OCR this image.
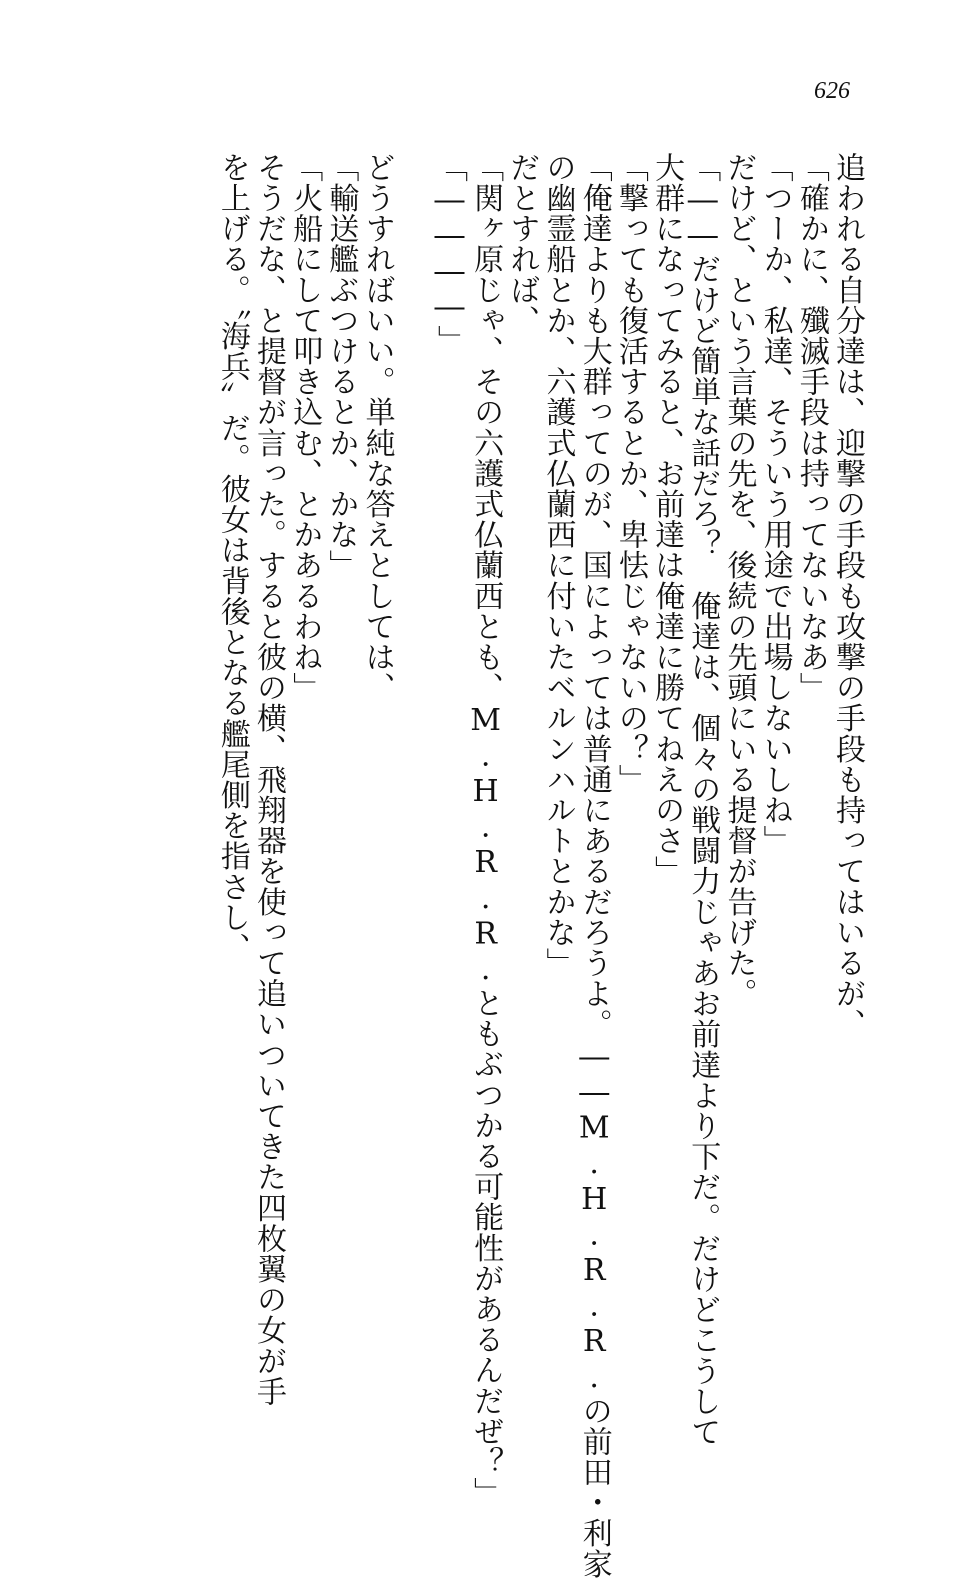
626
追われる自分達は、迎撃の手段も攻撃の手段も持ってはいるが、
「確かに、殲滅手段は持ってないなあ」
「つーか、私達、そういう用途で出場しないしね」
だけど、という言葉の先を、後続の先頭にいる提督が告げた。
「――だけど簡単な話だろ？　俺達は、個々の戦闘力じゃあお前達より下だ。だけどこうして
大群になってみると、お前達は俺達に勝てねえのさ」
「撃っても復活するとか、卑怯じゃないの？」
「俺達よりも大群ってのが、国によっては普通にあるだろうよ。――M.H.R.R.の前田・利家
の幽霊船とか、六護式仏蘭西に付いたベルンハルトとかな」
だとすれば、
「関ヶ原じゃ、その六護式仏蘭西とも、M.H.R.R.ともぶつかる可能性があるんだぜ？」
「――――」
どうすればいい。単純な答えとしては、
「輸送艦ぶつけるとか、かな」
「火船にして叩き込む、とかあるわね」
そうだな、と提督が言った。すると彼の横、飛翔器を使って追いついてきた四枚翼の女が手
を上げる。〝海兵〟だ。彼女は背後となる艦尾側を指さし、
